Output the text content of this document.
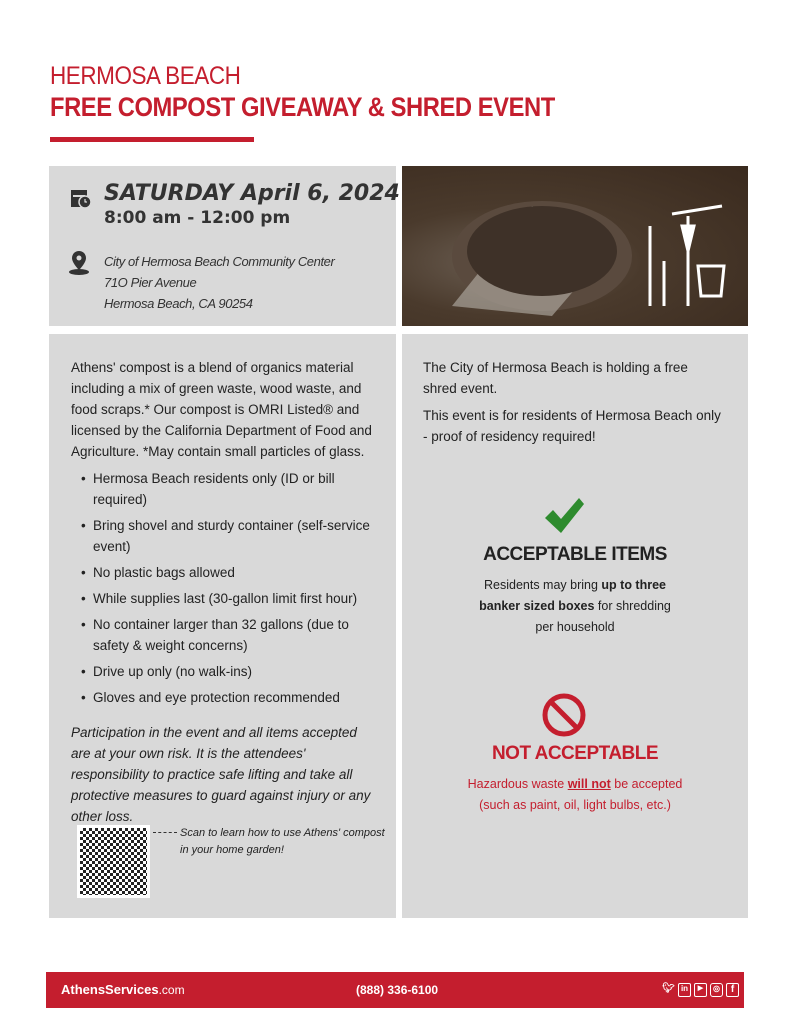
HERMOSA BEACH
FREE COMPOST GIVEAWAY & SHRED EVENT
SATURDAY April 6, 2024
8:00 am - 12:00 pm
City of Hermosa Beach Community Center
71O Pier Avenue
Hermosa Beach, CA 90254

Athens' compost is a blend of organics material including a mix of green waste, wood waste, and food scraps.* Our compost is OMRI Listed® and licensed by the California Department of Food and Agriculture. *May contain small particles of glass.

• Hermosa Beach residents only (ID or bill required)
• Bring shovel and sturdy container (self-service event)
• No plastic bags allowed
• While supplies last (30-gallon limit first hour)
• No container larger than 32 gallons (due to safety & weight concerns)
• Drive up only (no walk-ins)
• Gloves and eye protection recommended

Participation in the event and all items accepted are at your own risk. It is the attendees' responsibility to practice safe lifting and take all protective measures to guard against injury or any other loss.

Scan to learn how to use Athens' compost in your home garden!

The City of Hermosa Beach is holding a free shred event.

This event is for residents of Hermosa Beach only - proof of residency required!

ACCEPTABLE ITEMS
Residents may bring up to three banker sized boxes for shredding per household
NOT ACCEPTABLE
Hazardous waste will not be accepted
(such as paint, oil, light bulbs, etc.)
AthensServices.com	(888) 336-6100	🐦︎ in	▶	◎	f
